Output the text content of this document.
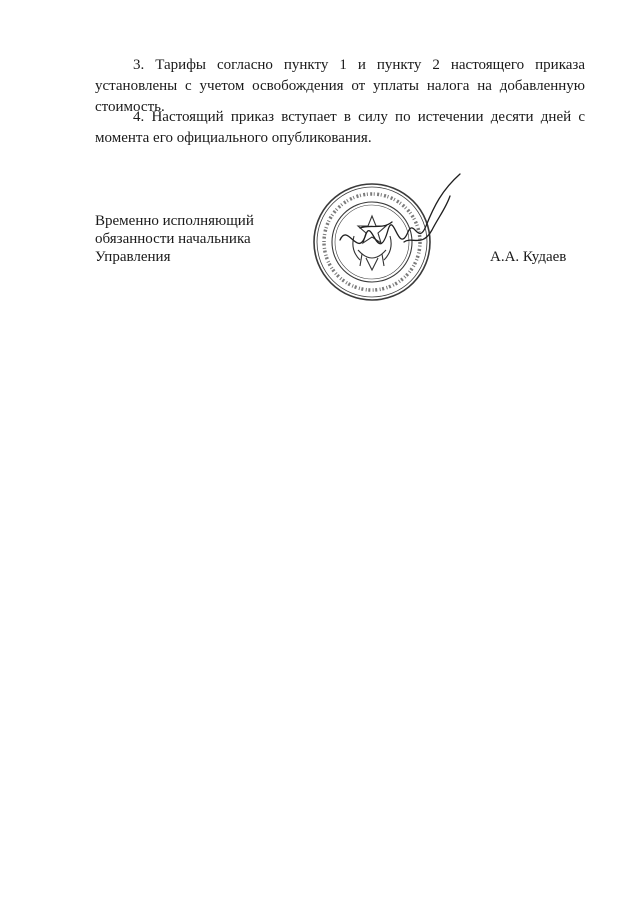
3. Тарифы согласно пункту 1 и пункту 2 настоящего приказа установлены с учетом освобождения от уплаты налога на добавленную стоимость.

4. Настоящий приказ вступает в силу по истечении десяти дней с момента его официального опубликования.

Временно исполняющий
обязанности начальника
Управления	А.А. Кудаев
